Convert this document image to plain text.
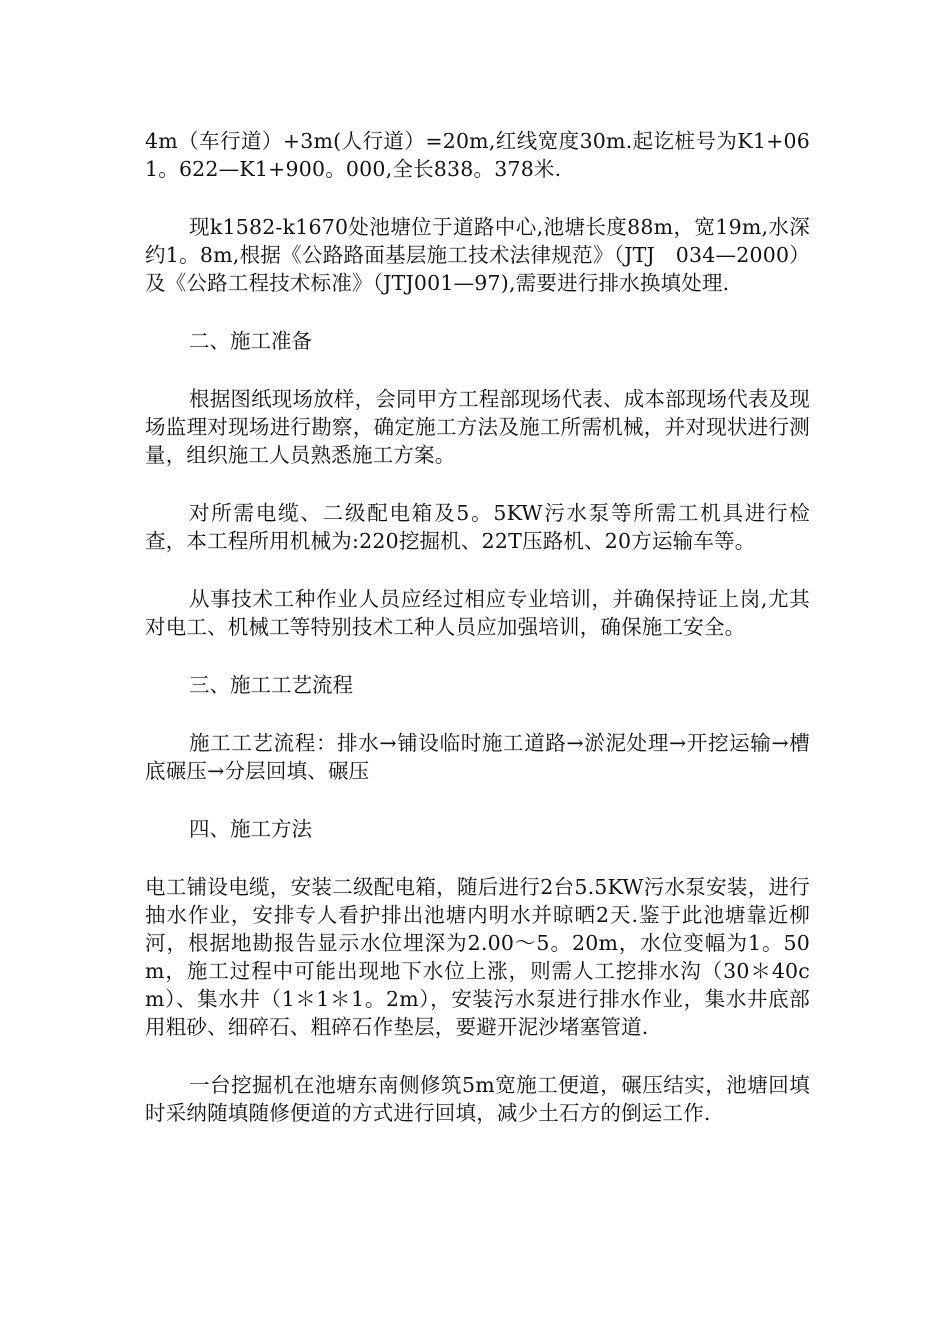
4m（车行道）+3m(人行道）=20m,红线宽度30m.起讫桩号为K1+061。622—K1+900。000,全长838。378米.

现k1582-k1670处池塘位于道路中心,池塘长度88m，宽19m,水深约1。8m,根据《公路路面基层施工技术法律规范》（JTJ　034—2000）及《公路工程技术标准》（JTJ001—97),需要进行排水换填处理.

二、施工准备

根据图纸现场放样，会同甲方工程部现场代表、成本部现场代表及现场监理对现场进行勘察，确定施工方法及施工所需机械，并对现状进行测量，组织施工人员熟悉施工方案。

对所需电缆、二级配电箱及5。5KW污水泵等所需工机具进行检查，本工程所用机械为:220挖掘机、22T压路机、20方运输车等。

从事技术工种作业人员应经过相应专业培训，并确保持证上岗,尤其对电工、机械工等特别技术工种人员应加强培训，确保施工安全。

三、施工工艺流程

施工工艺流程：排水→铺设临时施工道路→淤泥处理→开挖运输→槽底碾压→分层回填、碾压

四、施工方法

电工铺设电缆，安装二级配电箱，随后进行2台5.5KW污水泵安装，进行抽水作业，安排专人看护排出池塘内明水并晾晒2天.鉴于此池塘靠近柳河，根据地勘报告显示水位埋深为2.00～5。20m，水位变幅为1。50m，施工过程中可能出现地下水位上涨，则需人工挖排水沟（30＊40cm）、集水井（1＊1＊1。2m），安装污水泵进行排水作业，集水井底部用粗砂、细碎石、粗碎石作垫层，要避开泥沙堵塞管道.

一台挖掘机在池塘东南侧修筑5m宽施工便道，碾压结实，池塘回填时采纳随填随修便道的方式进行回填，减少土石方的倒运工作.
